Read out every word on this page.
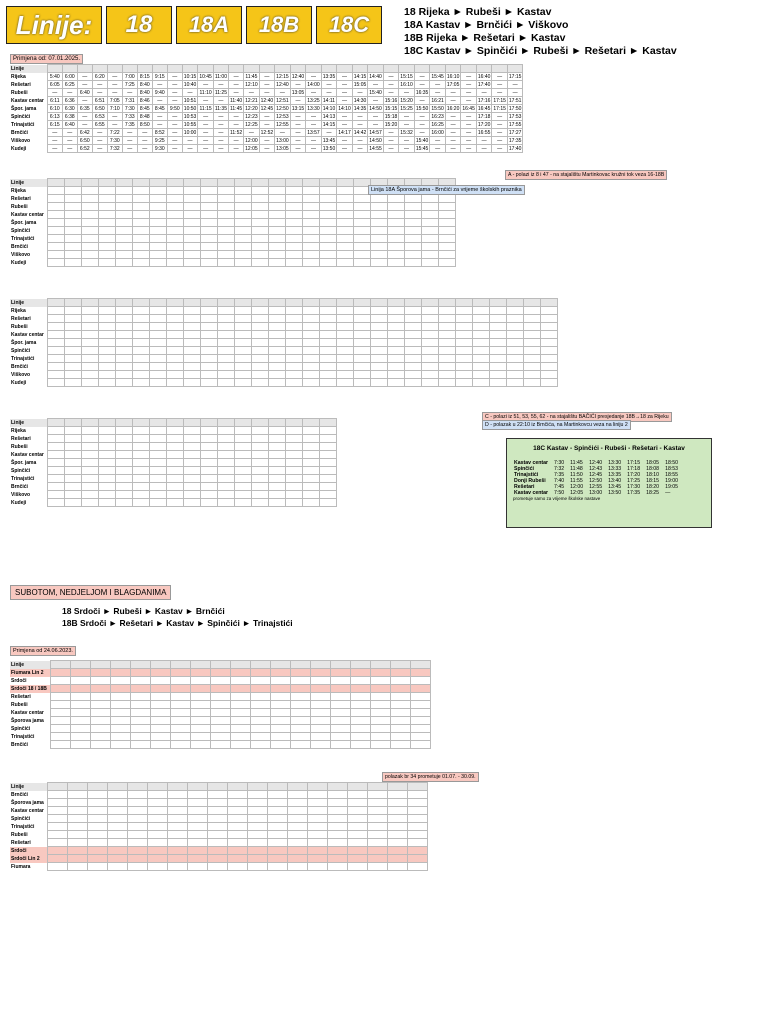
Linije:	18	18A	18B	18C	18 Rijeka ► Rubeši ► Kastav
18A Kastav ► Brnčići ► Viškovo
18B Rijeka ► Rešetari ► Kastav
18C Kastav ► Spinčići ► Rubeši ► Rešetari ► Kastav
Primjena od: 07.01.2025.
Linije																															
Rijeka	5:40	6:00	—	6:20	—	7:00	8:15	9:15	—	10:15	10:45	11:00	—	11:45	—	12:15	12:40	—	13:35	—	14:15	14:40	—	15:15	—	15:45	16:10	—	16:40	—	17:15
Rešetari	6:05	6:25	—	—	—	7:25	8:40	—	—	10:40	—	—	—	12:10	—	12:40	—	14:00	—	—	15:05	—	—	16:10	—	—	17:05	—	17:40	—	—
Rubeši	—	—	6:40	—	—	—	8:40	9:40	—	—	11:10	11:25	—	—	—	—	13:05	—	—	—	—	15:40	—	—	16:35	—	—	—	—	—	—
Kastav centar	6:11	6:36	—	6:51	7:05	7:31	8:46	—	—	10:51	—	—	11:40	12:21	12:40	12:51	—	13:25	14:11	—	14:30	—	15:16	15:20	—	16:21	—	—	17:16	17:15	17:51
Špor. jama	6:10	6:30	6:35	6:50	7:10	7:30	8:45	8:45	9:50	10:50	11:15	11:35	11:45	12:20	12:45	12:50	13:15	13:30	14:10	14:10	14:35	14:50	15:15	15:25	15:50	15:50	16:20	16:45	16:45	17:15	17:50
Spinčići	6:13	6:38	—	6:53	—	7:33	8:48	—	—	10:53	—	—	—	12:23	—	12:53	—	—	14:13	—	—	—	15:18	—	—	16:23	—	—	17:18	—	17:53
Trinajstići	6:15	6:40	—	6:55	—	7:35	8:50	—	—	10:55	—	—	—	12:25	—	12:55	—	—	14:15	—	—	—	15:20	—	—	16:25	—	—	17:20	—	17:55
Brnčići	—	—	6:42	—	7:22	—	—	8:52	—	10:00	—	—	11:52	—	12:52	—	—	13:57	—	14:17	14:42	14:57	—	15:32	—	16:00	—	—	16:55	—	17:27
Viškovo	—	—	6:50	—	7:30	—	—	9:25	—	—	—	—	—	12:00	—	13:00	—	—	13:45	—	—	14:50	—	—	15:40	—	—	—	—	—	17:35
Kudeji	—	—	6:52	—	7:32	—	—	9:30	—	—	—	—	—	12:05	—	13:05	—	—	13:50	—	—	14:55	—	—	15:45	—	—	—	—	—	17:40
A - polazi iz 8 i 47 - na stajalištu Martinkovac kružni tok veza 16-18B
Linije																								
Rijeka																								
Rešetari																								
Rubeši																								
Kastav centar																								
Špor. jama																								
Spinčići																								
Trinajstići																								
Brnčići																								
Viškovo																								
Kudeji																								
Linija 18A Šporova jama - Brnčići za vrijeme školskih praznika
Linije																														
Rijeka																														
Rešetari																														
Rubeši																														
Kastav centar																														
Špor. jama																														
Spinčići																														
Trinajstići																														
Brnčići																														
Viškovo																														
Kudeji																														
Linije																	
Rijeka																	
Rešetari																	
Rubeši																	
Kastav centar																	
Špor. jama																	
Spinčići																	
Trinajstići																	
Brnčići																	
Viškovo																	
Kudeji																	
C - polazi iz 51, 53, 55, 62 - na stajalištu BAČIĆI presjedanje 18B→18 za Rijeku
D - polazak u 22:10 iz Brnčića, na Martinkovcu veza na liniju 2
18C Kastav - Spinčići - Rubeši - Rešetari - Kastav
Kastav centar	7:30	11:45	12:40	13:30	17:15	18:05	18:50
Spinčići	7:32	11:48	12:43	13:33	17:18	18:08	18:53
Trinajstići	7:35	11:50	12:45	13:35	17:20	18:10	18:55
Donji Rubeši	7:40	11:55	12:50	13:40	17:25	18:15	19:00
Rešetari	7:45	12:00	12:55	13:45	17:30	18:20	19:05
Kastav centar	7:50	12:05	13:00	13:50	17:35	18:25	—
prometuje samo za vrijeme školske nastave
SUBOTOM, NEDJELJOM I BLAGDANIMA
18 Srdoči ► Rubeši ► Kastav ► Brnčići
18B Srdoči ► Rešetari ► Kastav ► Spinčići ► Trinajstići
Primjena od 24.06.2023.
Linije																			
Fiumara Lin 2																			
Srdoči																			
Srdoči 18 / 18B																			
Rešetari																			
Rubeši																			
Kastav centar																			
Šporova jama																			
Spinčići																			
Trinajstići																			
Brnčići																			
polazak br 34 prometuje 01.07. - 30.09.
Linije																			
Brnčići																			
Šporova jama																			
Kastav centar																			
Spinčići																			
Trinajstići																			
Rubeši																			
Rešetari																			
Srdoči																			
Srdoči Lin 2																			
Fiumara																			
